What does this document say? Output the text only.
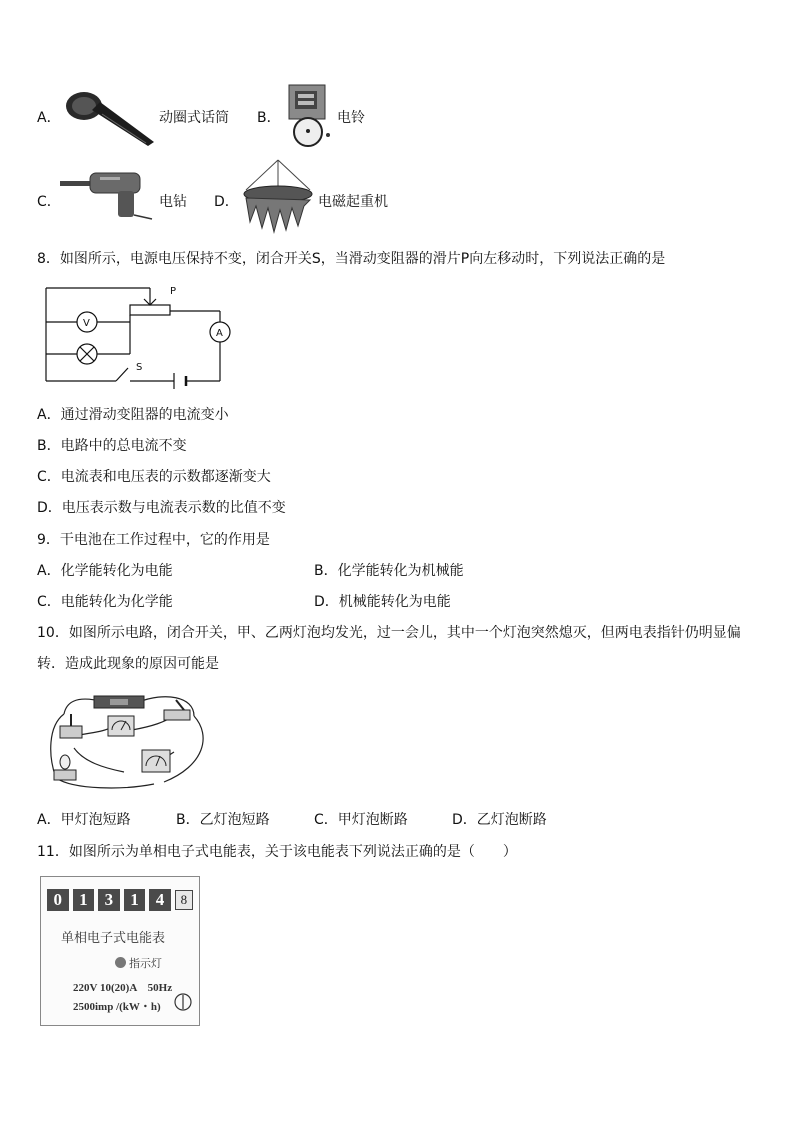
A．	动圈式话筒 B．	电铃
C．	电钻 D．	电磁起重机
8．如图所示，电源电压保持不变，闭合开关S，当滑动变阻器的滑片P向左移动时，下列说法正确的是
P
V
A
S
A．通过滑动变阻器的电流变小
B．电路中的总电流不变
C．电流表和电压表的示数都逐渐变大
D．电压表示数与电流表示数的比值不变
9．干电池在工作过程中，它的作用是
A．化学能转化为电能	B．化学能转化为机械能
C．电能转化为化学能	D．机械能转化为电能
10．如图所示电路，闭合开关，甲、乙两灯泡均发光，过一会儿，其中一个灯泡突然熄灭，但两电表指针仍明显偏
转．造成此现象的原因可能是
A．甲灯泡短路	B．乙灯泡短路	C．甲灯泡断路	D．乙灯泡断路
11．如图所示为单相电子式电能表，关于该电能表下列说法正确的是（　　）
0	1	3	1	4	8
单相电子式电能表
指示灯
220V 10(20)A　50Hz
2500imp /(kW・h)
